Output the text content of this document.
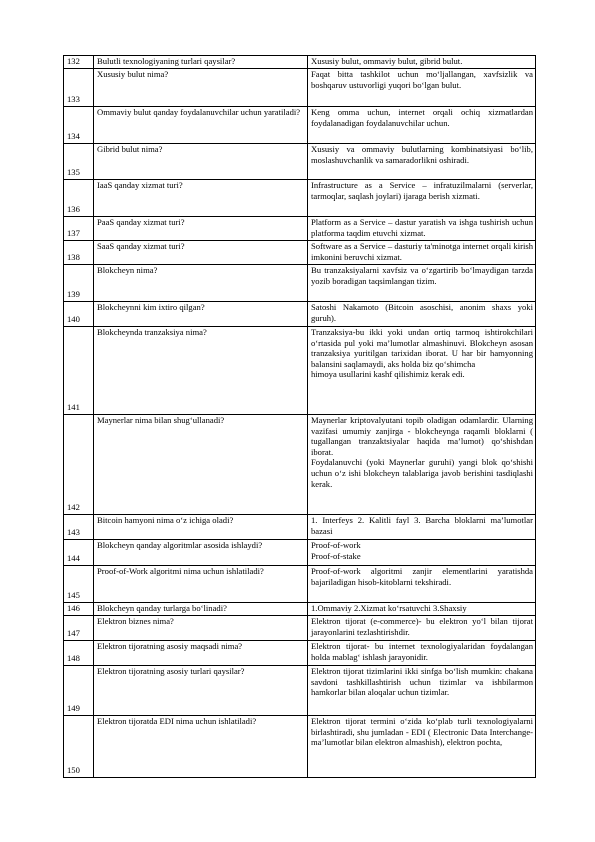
132	Bulutli texnologiyaning turlari qaysilar?	Xususiy bulut, ommaviy bulut, gibrid bulut.

133	Xususiy bulut nima?	Faqat bitta tashkilot uchun mo‘ljallangan, xavfsizlik va boshqaruv ustuvorligi yuqori bo‘lgan bulut.

134	Ommaviy bulut qanday foydalanuvchilar uchun yaratiladi?	Keng omma uchun, internet orqali ochiq xizmatlardan foydalanadigan foydalanuvchilar uchun.

135	Gibrid bulut nima?	Xususiy va ommaviy bulutlarning kombinatsiyasi bo‘lib, moslashuvchanlik va samaradorlikni oshiradi.

136	IaaS qanday xizmat turi?	Infrastructure as a Service – infratuzilmalarni (serverlar, tarmoqlar, saqlash joylari) ijaraga berish xizmati.

137	PaaS qanday xizmat turi?	Platform as a Service – dastur yaratish va ishga tushirish uchun platforma taqdim etuvchi xizmat.

138	SaaS qanday xizmat turi?	Software as a Service – dasturiy ta'minotga internet orqali kirish imkonini beruvchi xizmat.

139	Blokcheyn nima?	Bu tranzaksiyalarni xavfsiz va o‘zgartirib bo‘lmaydigan tarzda yozib boradigan taqsimlangan tizim.

140	Blokcheynni kim ixtiro qilgan?	Satoshi Nakamoto (Bitcoin asoschisi, anonim shaxs yoki guruh).

141	Blokcheynda tranzaksiya nima?	Tranzaksiya-bu ikki yoki undan ortiq tarmoq ishtirokchilari o‘rtasida pul yoki ma’lumotlar almashinuvi. Blokcheyn asosan tranzaksiya yuritilgan tarixidan iborat. U har bir hamyonning balansini saqlamaydi, aks holda biz qo‘shimcha
himoya usullarini kashf qilishimiz kerak edi.

142	Maynerlar nima bilan shug‘ullanadi?	Maynerlar kriptovalyutani topib oladigan odamlardir. Ularning vazifasi umumiy zanjirga - blokcheynga raqamli bloklarni ( tugallangan tranzaktsiyalar haqida ma’lumot) qo‘shishdan iborat.
Foydalanuvchi (yoki Maynerlar guruhi) yangi blok qo‘shishi uchun o‘z ishi blokcheyn talablariga javob berishini tasdiqlashi kerak.

143	Bitcoin hamyoni nima o‘z ichiga oladi?	1. Interfeys 2. Kalitli fayl 3. Barcha bloklarni ma’lumotlar bazasi

144	Blokcheyn qanday algoritmlar asosida ishlaydi?	Proof-of-work
Proof-of-stake

145	Proof-of-Work algoritmi nima uchun ishlatiladi?	Proof-of-work algoritmi zanjir elementlarini yaratishda bajariladigan hisob-kitoblarni tekshiradi.

146	Blokcheyn qanday turlarga bo‘linadi?	1.Ommaviy 2.Xizmat ko‘rsatuvchi 3.Shaxsiy

147	Elektron biznes nima?	Elektron tijorat (e-commerce)- bu elektron yo‘l bilan tijorat jarayonlarini tezlashtirishdir.

148	Elektron tijoratning asosiy maqsadi nima?	Elektron tijorat- bu internet texnologiyalaridan foydalangan holda mablag‘ ishlash jarayonidir.

149	Elektron tijoratning asosiy turlari qaysilar?	Elektron tijorat tizimlarini ikki sinfga bo‘lish mumkin: chakana savdoni tashkillashtirish uchun tizimlar va ishbilarmon hamkorlar bilan aloqalar uchun tizimlar.

150	Elektron tijoratda EDI nima uchun ishlatiladi?	Elektron tijorat termini o‘zida ko‘plab turli texnologiyalarni birlashtiradi, shu jumladan - EDI ( Electronic Data Interchange- ma’lumotlar bilan elektron almashish), elektron pochta,
